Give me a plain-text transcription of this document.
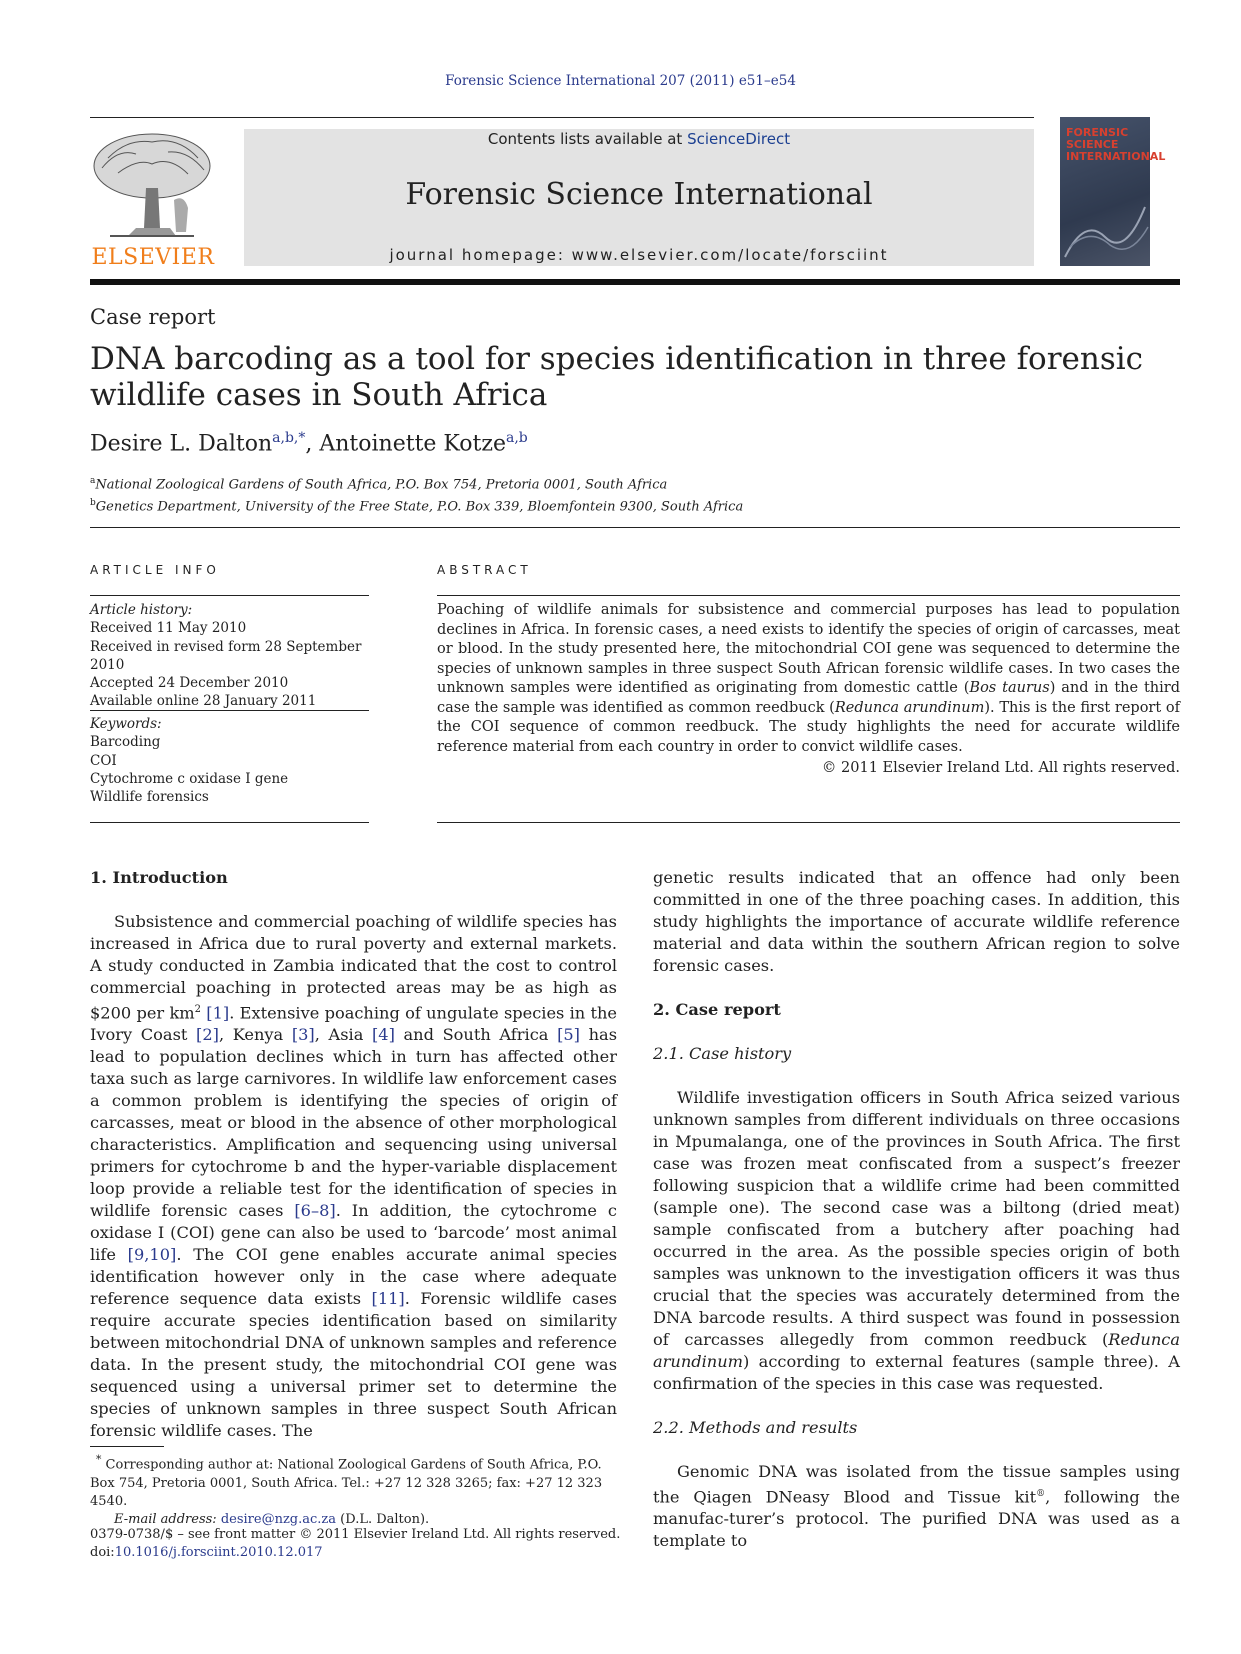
Forensic Science International 207 (2011) e51–e54
ELSEVIER
Contents lists available at ScienceDirect
Forensic Science International
journal homepage: www.elsevier.com/locate/forsciint
FORENSIC
SCIENCE
INTERNATIONAL
Case report
DNA barcoding as a tool for species identification in three forensic wildlife cases in South Africa
Desire L. Dalton$^{a,b,*}$, Antoinette Kotze$^{a,b}$
$^a$National Zoological Gardens of South Africa, P.O. Box 754, Pretoria 0001, South Africa
$^b$Genetics Department, University of the Free State, P.O. Box 339, Bloemfontein 9300, South Africa
ARTICLE INFO
Article history:
Received 11 May 2010
Received in revised form 28 September 2010
Accepted 24 December 2010
Available online 28 January 2011
Keywords:
Barcoding
COI
Cytochrome c oxidase I gene
Wildlife forensics
ABSTRACT
Poaching of wildlife animals for subsistence and commercial purposes has lead to population declines in Africa. In forensic cases, a need exists to identify the species of origin of carcasses, meat or blood. In the study presented here, the mitochondrial COI gene was sequenced to determine the species of unknown samples in three suspect South African forensic wildlife cases. In two cases the unknown samples were identified as originating from domestic cattle (Bos taurus) and in the third case the sample was identified as common reedbuck (Redunca arundinum). This is the first report of the COI sequence of common reedbuck. The study highlights the need for accurate wildlife reference material from each country in order to convict wildlife cases.
© 2011 Elsevier Ireland Ltd. All rights reserved.

1. Introduction

Subsistence and commercial poaching of wildlife species has increased in Africa due to rural poverty and external markets. A study conducted in Zambia indicated that the cost to control commercial poaching in protected areas may be as high as $200 per $km^2$ [1]. Extensive poaching of ungulate species in the Ivory Coast [2], Kenya [3], Asia [4] and South Africa [5] has lead to population declines which in turn has affected other taxa such as large carnivores. In wildlife law enforcement cases a common problem is identifying the species of origin of carcasses, meat or blood in the absence of other morphological characteristics. Amplification and sequencing using universal primers for cytochrome b and the hyper-variable displacement loop provide a reliable test for the identification of species in wildlife forensic cases [6–8]. In addition, the cytochrome c oxidase I (COI) gene can also be used to ‘barcode’ most animal life [9,10]. The COI gene enables accurate animal species identification however only in the case where adequate reference sequence data exists [11]. Forensic wildlife cases require accurate species identification based on similarity between mitochondrial DNA of unknown samples and reference data. In the present study, the mitochondrial COI gene was sequenced using a universal primer set to determine the species of unknown samples in three suspect South African forensic wildlife cases. The

genetic results indicated that an offence had only been committed in one of the three poaching cases. In addition, this study highlights the importance of accurate wildlife reference material and data within the southern African region to solve forensic cases.

2. Case report

2.1. Case history

Wildlife investigation officers in South Africa seized various unknown samples from different individuals on three occasions in Mpumalanga, one of the provinces in South Africa. The first case was frozen meat confiscated from a suspect’s freezer following suspicion that a wildlife crime had been committed (sample one). The second case was a biltong (dried meat) sample confiscated from a butchery after poaching had occurred in the area. As the possible species origin of both samples was unknown to the investigation officers it was thus crucial that the species was accurately determined from the DNA barcode results. A third suspect was found in possession of carcasses allegedly from common reedbuck (Redunca arundinum) according to external features (sample three). A confirmation of the species in this case was requested.

2.2. Methods and results

Genomic DNA was isolated from the tissue samples using the Qiagen DNeasy Blood and Tissue kit®, following the manufac-turer’s protocol. The purified DNA was used as a template to

* Corresponding author at: National Zoological Gardens of South Africa, P.O. Box 754, Pretoria 0001, South Africa. Tel.: +27 12 328 3265; fax: +27 12 323 4540.
E-mail address: desire@nzg.ac.za (D.L. Dalton).
0379-0738/$ – see front matter © 2011 Elsevier Ireland Ltd. All rights reserved.
doi:10.1016/j.forsciint.2010.12.017
